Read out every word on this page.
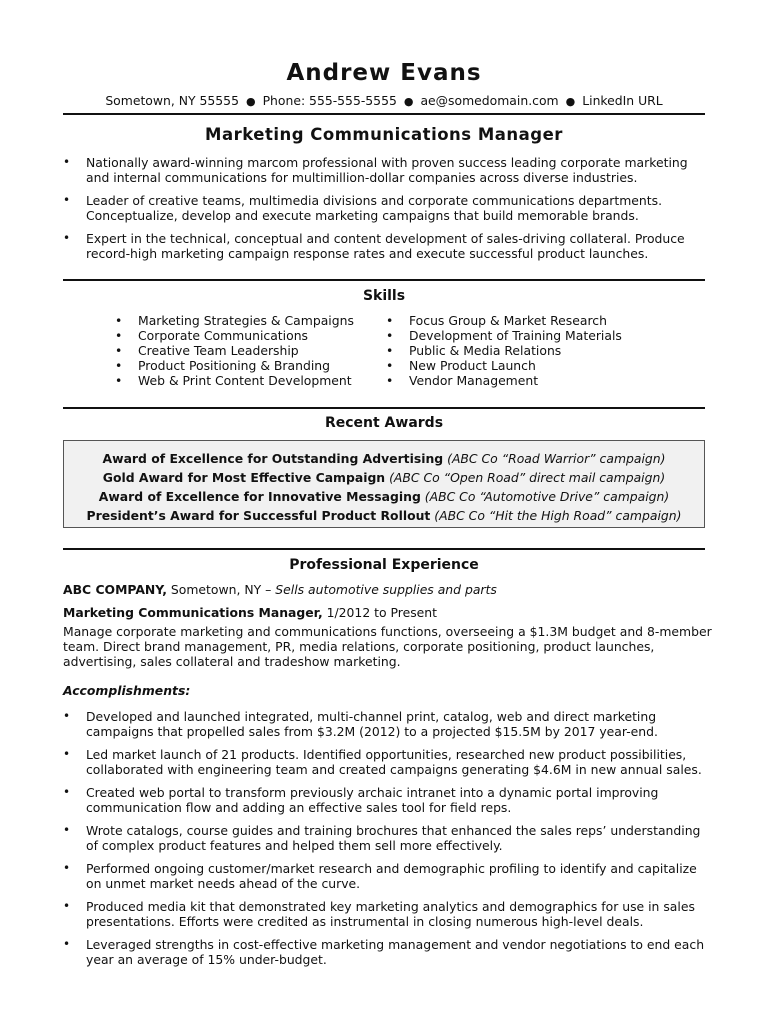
Andrew Evans
Sometown, NY 55555 ● Phone: 555-555-5555 ● ae@somedomain.com ● LinkedIn URL
Marketing Communications Manager
• Nationally award-winning marcom professional with proven success leading corporate marketing and internal communications for multimillion-dollar companies across diverse industries.
• Leader of creative teams, multimedia divisions and corporate communications departments. Conceptualize, develop and execute marketing campaigns that build memorable brands.
• Expert in the technical, conceptual and content development of sales-driving collateral. Produce record-high marketing campaign response rates and execute successful product launches.
Skills
• Marketing Strategies & Campaigns
• Corporate Communications
• Creative Team Leadership
• Product Positioning & Branding
• Web & Print Content Development
• Focus Group & Market Research
• Development of Training Materials
• Public & Media Relations
• New Product Launch
• Vendor Management
Recent Awards
Award of Excellence for Outstanding Advertising (ABC Co “Road Warrior” campaign)
Gold Award for Most Effective Campaign (ABC Co “Open Road” direct mail campaign)
Award of Excellence for Innovative Messaging (ABC Co “Automotive Drive” campaign)
President’s Award for Successful Product Rollout (ABC Co “Hit the High Road” campaign)
Professional Experience
ABC COMPANY, Sometown, NY – Sells automotive supplies and parts
Marketing Communications Manager, 1/2012 to Present
Manage corporate marketing and communications functions, overseeing a $1.3M budget and 8-member team. Direct brand management, PR, media relations, corporate positioning, product launches, advertising, sales collateral and tradeshow marketing.
Accomplishments:
• Developed and launched integrated, multi-channel print, catalog, web and direct marketing campaigns that propelled sales from $3.2M (2012) to a projected $15.5M by 2017 year-end.
• Led market launch of 21 products. Identified opportunities, researched new product possibilities, collaborated with engineering team and created campaigns generating $4.6M in new annual sales.
• Created web portal to transform previously archaic intranet into a dynamic portal improving communication flow and adding an effective sales tool for field reps.
• Wrote catalogs, course guides and training brochures that enhanced the sales reps’ understanding of complex product features and helped them sell more effectively.
• Performed ongoing customer/market research and demographic profiling to identify and capitalize on unmet market needs ahead of the curve.
• Produced media kit that demonstrated key marketing analytics and demographics for use in sales presentations. Efforts were credited as instrumental in closing numerous high-level deals.
• Leveraged strengths in cost-effective marketing management and vendor negotiations to end each year an average of 15% under-budget.
